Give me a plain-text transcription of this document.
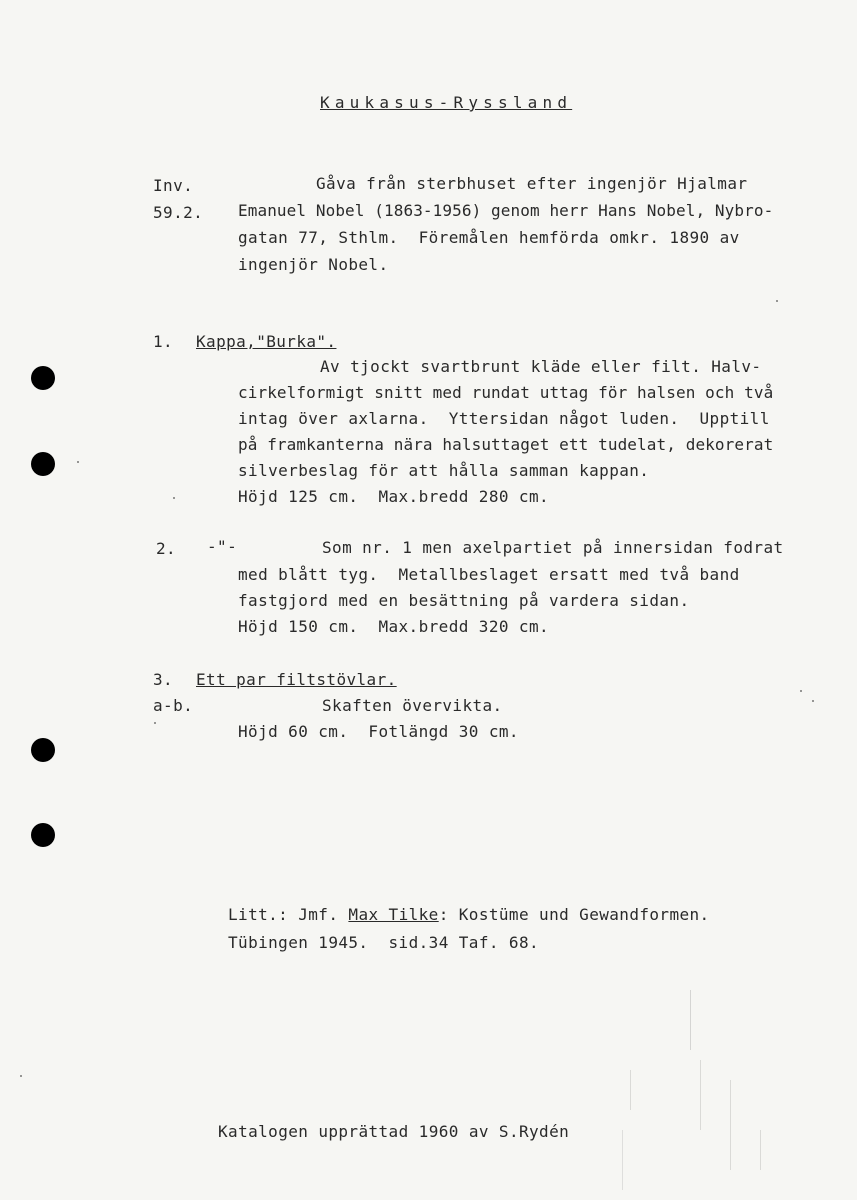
Kaukasus-Ryssland
Inv.
59.2.
Gåva från sterbhuset efter ingenjör Hjalmar
Emanuel Nobel (1863-1956) genom herr Hans Nobel, Nybro-
gatan 77, Sthlm.  Föremålen hemförda omkr. 1890 av
ingenjör Nobel.
1. Kappa,"Burka".
Av tjockt svartbrunt kläde eller filt. Halv-
cirkelformigt snitt med rundat uttag för halsen och två
intag över axlarna.  Yttersidan något luden.  Upptill
på framkanterna nära halsuttaget ett tudelat, dekorerat
silverbeslag för att hålla samman kappan.
Höjd 125 cm.  Max.bredd 280 cm.
2. -"-	Som nr. 1 men axelpartiet på innersidan fodrat
med blått tyg.  Metallbeslaget ersatt med två band
fastgjord med en besättning på vardera sidan.
Höjd 150 cm.  Max.bredd 320 cm.
3. Ett par filtstövlar.
a-b.	Skaften överviktа.
Höjd 60 cm.  Fotlängd 30 cm.
Litt.: Jmf. Max Tilke: Kostüme und Gewandformen.
Tübingen 1945.  sid.34 Taf. 68.
Katalogen upprättad 1960 av S.Rydén
